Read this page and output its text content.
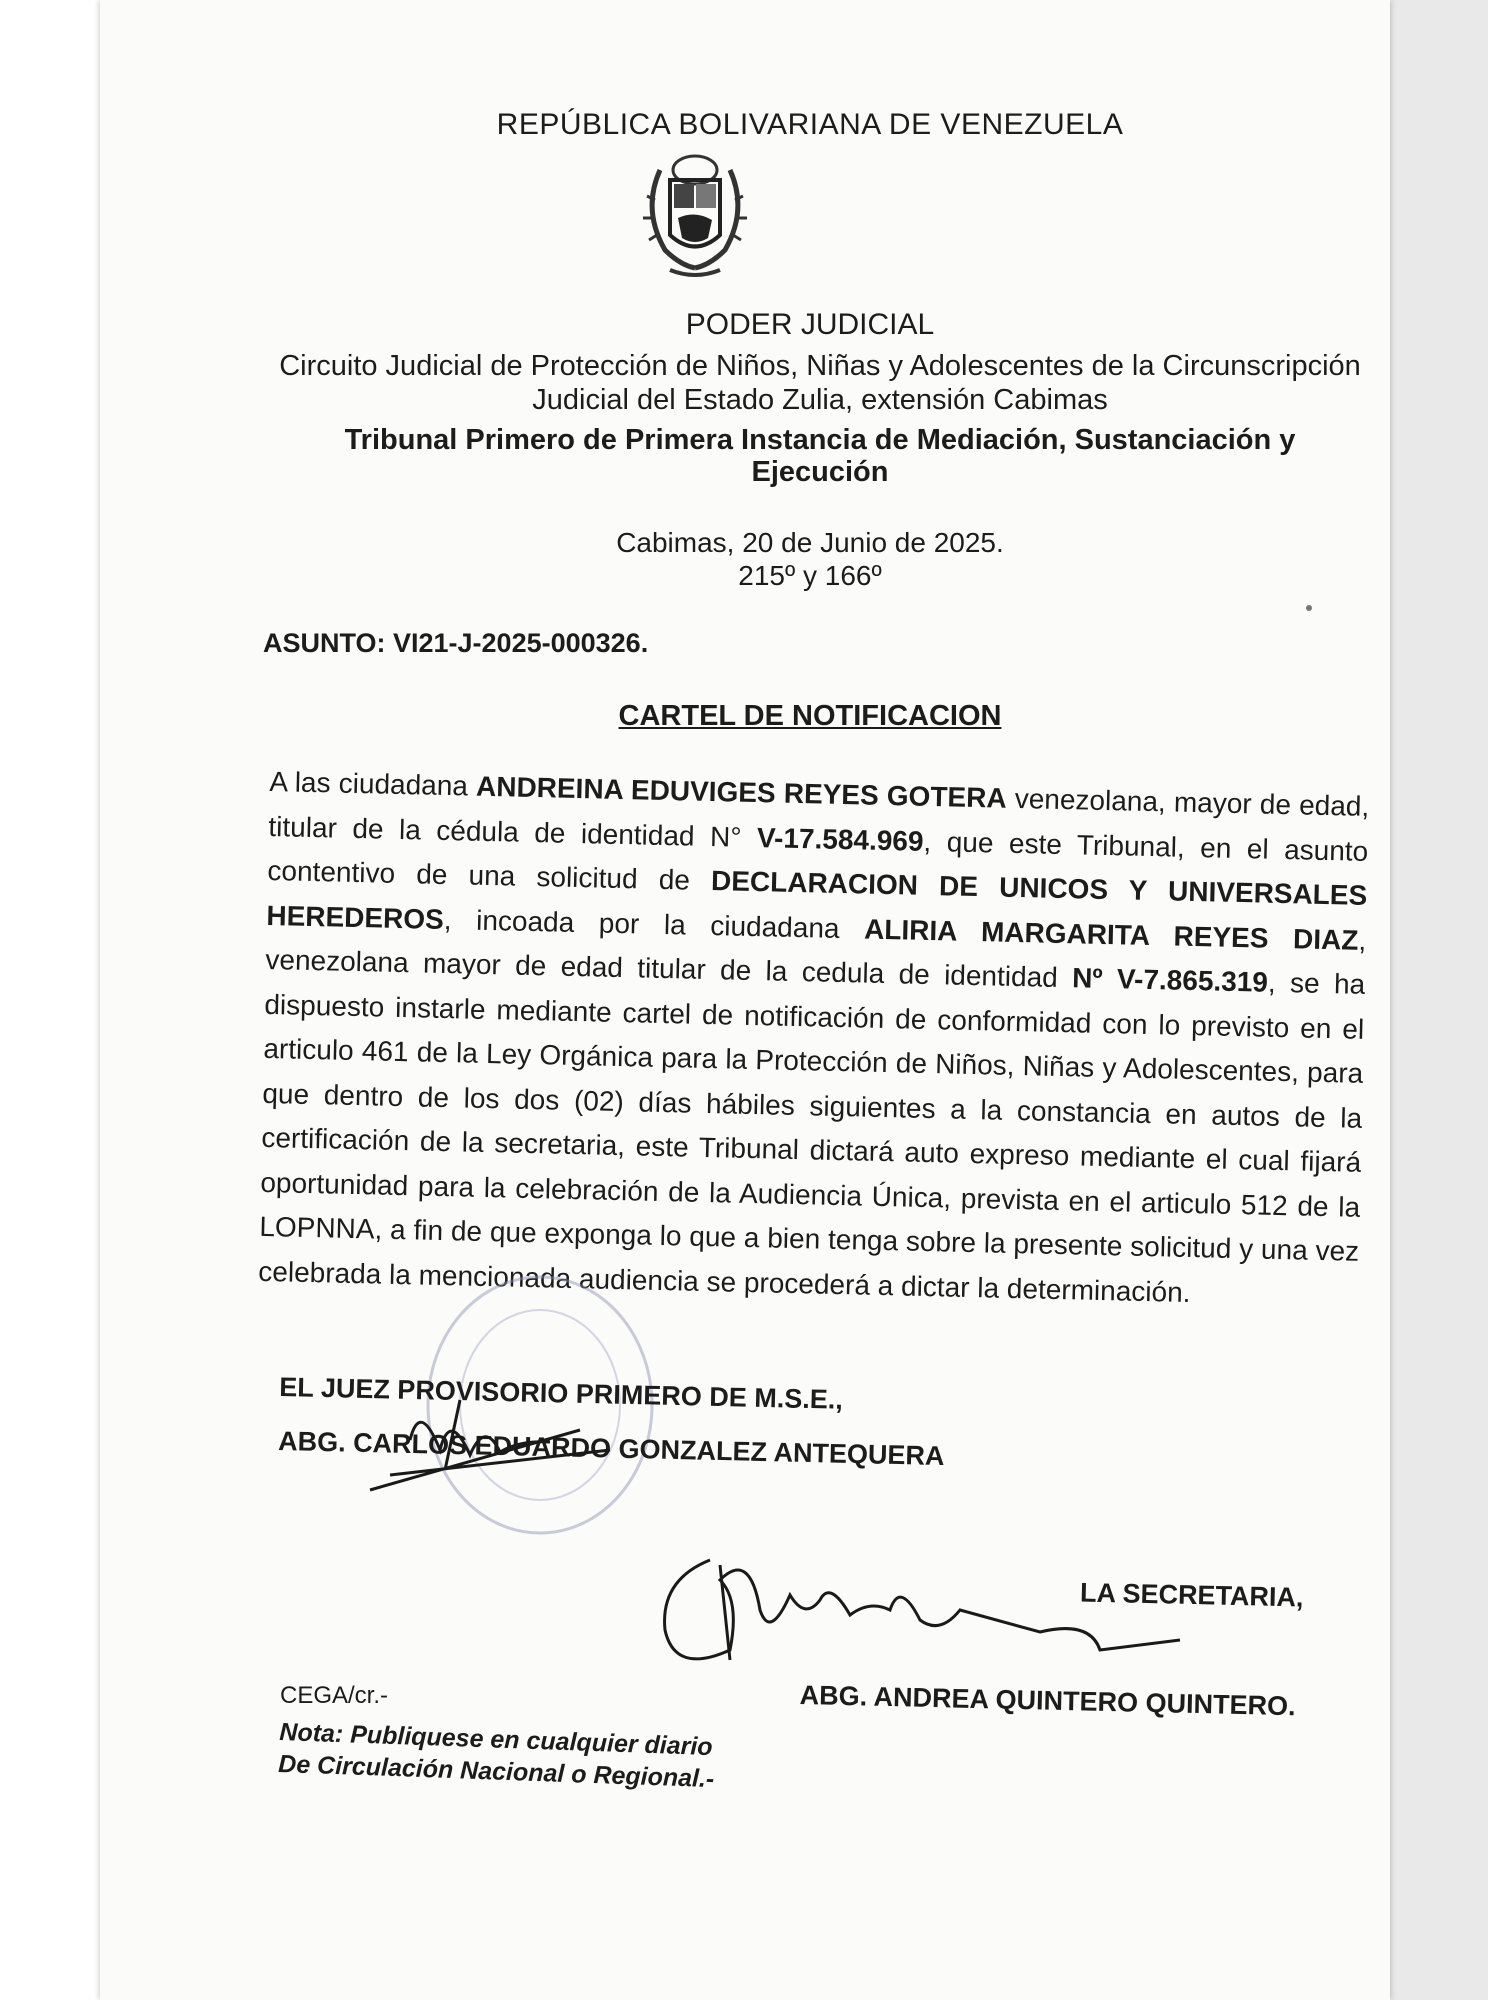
REPÚBLICA BOLIVARIANA DE VENEZUELA
PODER JUDICIAL
Circuito Judicial de Protección de Niños, Niñas y Adolescentes de la Circunscripción
Judicial del Estado Zulia, extensión Cabimas
Tribunal Primero de Primera Instancia de Mediación, Sustanciación y
Ejecución
Cabimas, 20 de Junio de 2025.
215º y 166º
ASUNTO: VI21-J-2025-000326.
CARTEL DE NOTIFICACION
A las ciudadana ANDREINA EDUVIGES REYES GOTERA venezolana, mayor de edad, titular de la cédula de identidad N° V-17.584.969, que este Tribunal, en el asunto contentivo de una solicitud de DECLARACION DE UNICOS Y UNIVERSALES HEREDEROS, incoada por la ciudadana ALIRIA MARGARITA REYES DIAZ, venezolana mayor de edad titular de la cedula de identidad Nº V-7.865.319, se ha dispuesto instarle mediante cartel de notificación de conformidad con lo previsto en el articulo 461 de la Ley Orgánica para la Protección de Niños, Niñas y Adolescentes, para que dentro de los dos (02) días hábiles siguientes a la constancia en autos de la certificación de la secretaria, este Tribunal dictará auto expreso mediante el cual fijará oportunidad para la celebración de la Audiencia Única, prevista en el articulo 512 de la LOPNNA, a fin de que exponga lo que a bien tenga sobre la presente solicitud y una vez celebrada la mencionada audiencia se procederá a dictar la determinación.
EL JUEZ PROVISORIO PRIMERO DE M.S.E.,
ABG. CARLOS EDUARDO GONZALEZ ANTEQUERA
LA SECRETARIA,
ABG. ANDREA QUINTERO QUINTERO.
CEGA/cr.-
Nota: Publiquese en cualquier diario
De Circulación Nacional o Regional.-
